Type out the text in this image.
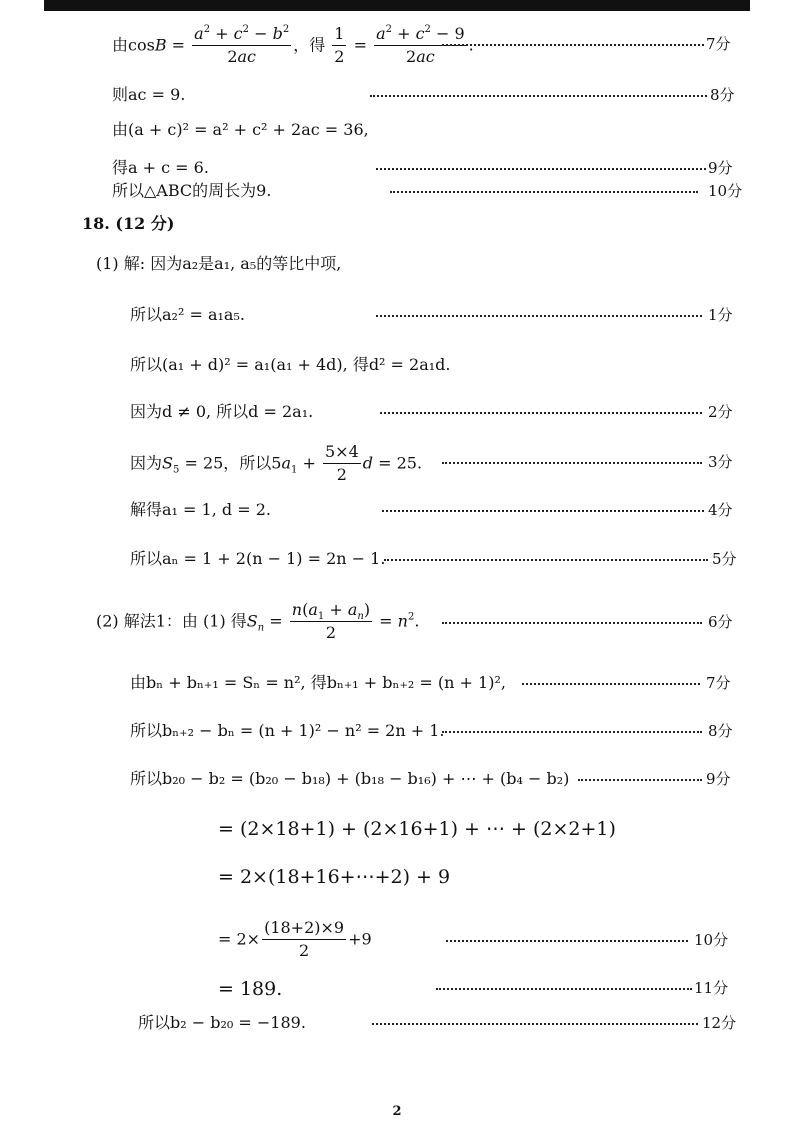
由$\cos B = \frac{a^2 + c^2 - b^2}{2ac}$ ，得 $\frac{1}{2} = \frac{a^2 + c^2 - 9}{2ac}$ .	7分
则ac = 9.	8分
由(a + c)² = a² + c² + 2ac = 36,
得a + c = 6.	9分
所以△ABC的周长为9.	10分
18. (12 分)
(1) 解: 因为a₂是a₁, a₅的等比中项,
所以a₂² = a₁a₅.	1分
所以(a₁ + d)² = a₁(a₁ + 4d), 得d² = 2a₁d.
因为d ≠ 0, 所以d = 2a₁.	2分
因为$S_5 = 25$，所以$5a_1 + \frac{5\times 4}{2}$ d = 25.	3分
解得a₁ = 1, d = 2.	4分
所以aₙ = 1 + 2(n − 1) = 2n − 1.	5分
(2) 解法1：由 (1) 得$S_n = \frac{n(a_1 + a_n)}{2} = n^2$.	6分
由bₙ + bₙ₊₁ = Sₙ = n², 得bₙ₊₁ + bₙ₊₂ = (n + 1)²,	7分
所以bₙ₊₂ − bₙ = (n + 1)² − n² = 2n + 1.	8分
所以b₂₀ − b₂ = (b₂₀ − b₁₈) + (b₁₈ − b₁₆) + ⋯ + (b₄ − b₂)	9分
= (2×18+1) + (2×16+1) + ⋯ + (2×2+1)
= 2×(18+16+⋯+2) + 9
= $2\times \frac{(18+2)\times 9}{2} +9$	10分
= 189.	11分
所以b₂ − b₂₀ = −189.	12分
2
